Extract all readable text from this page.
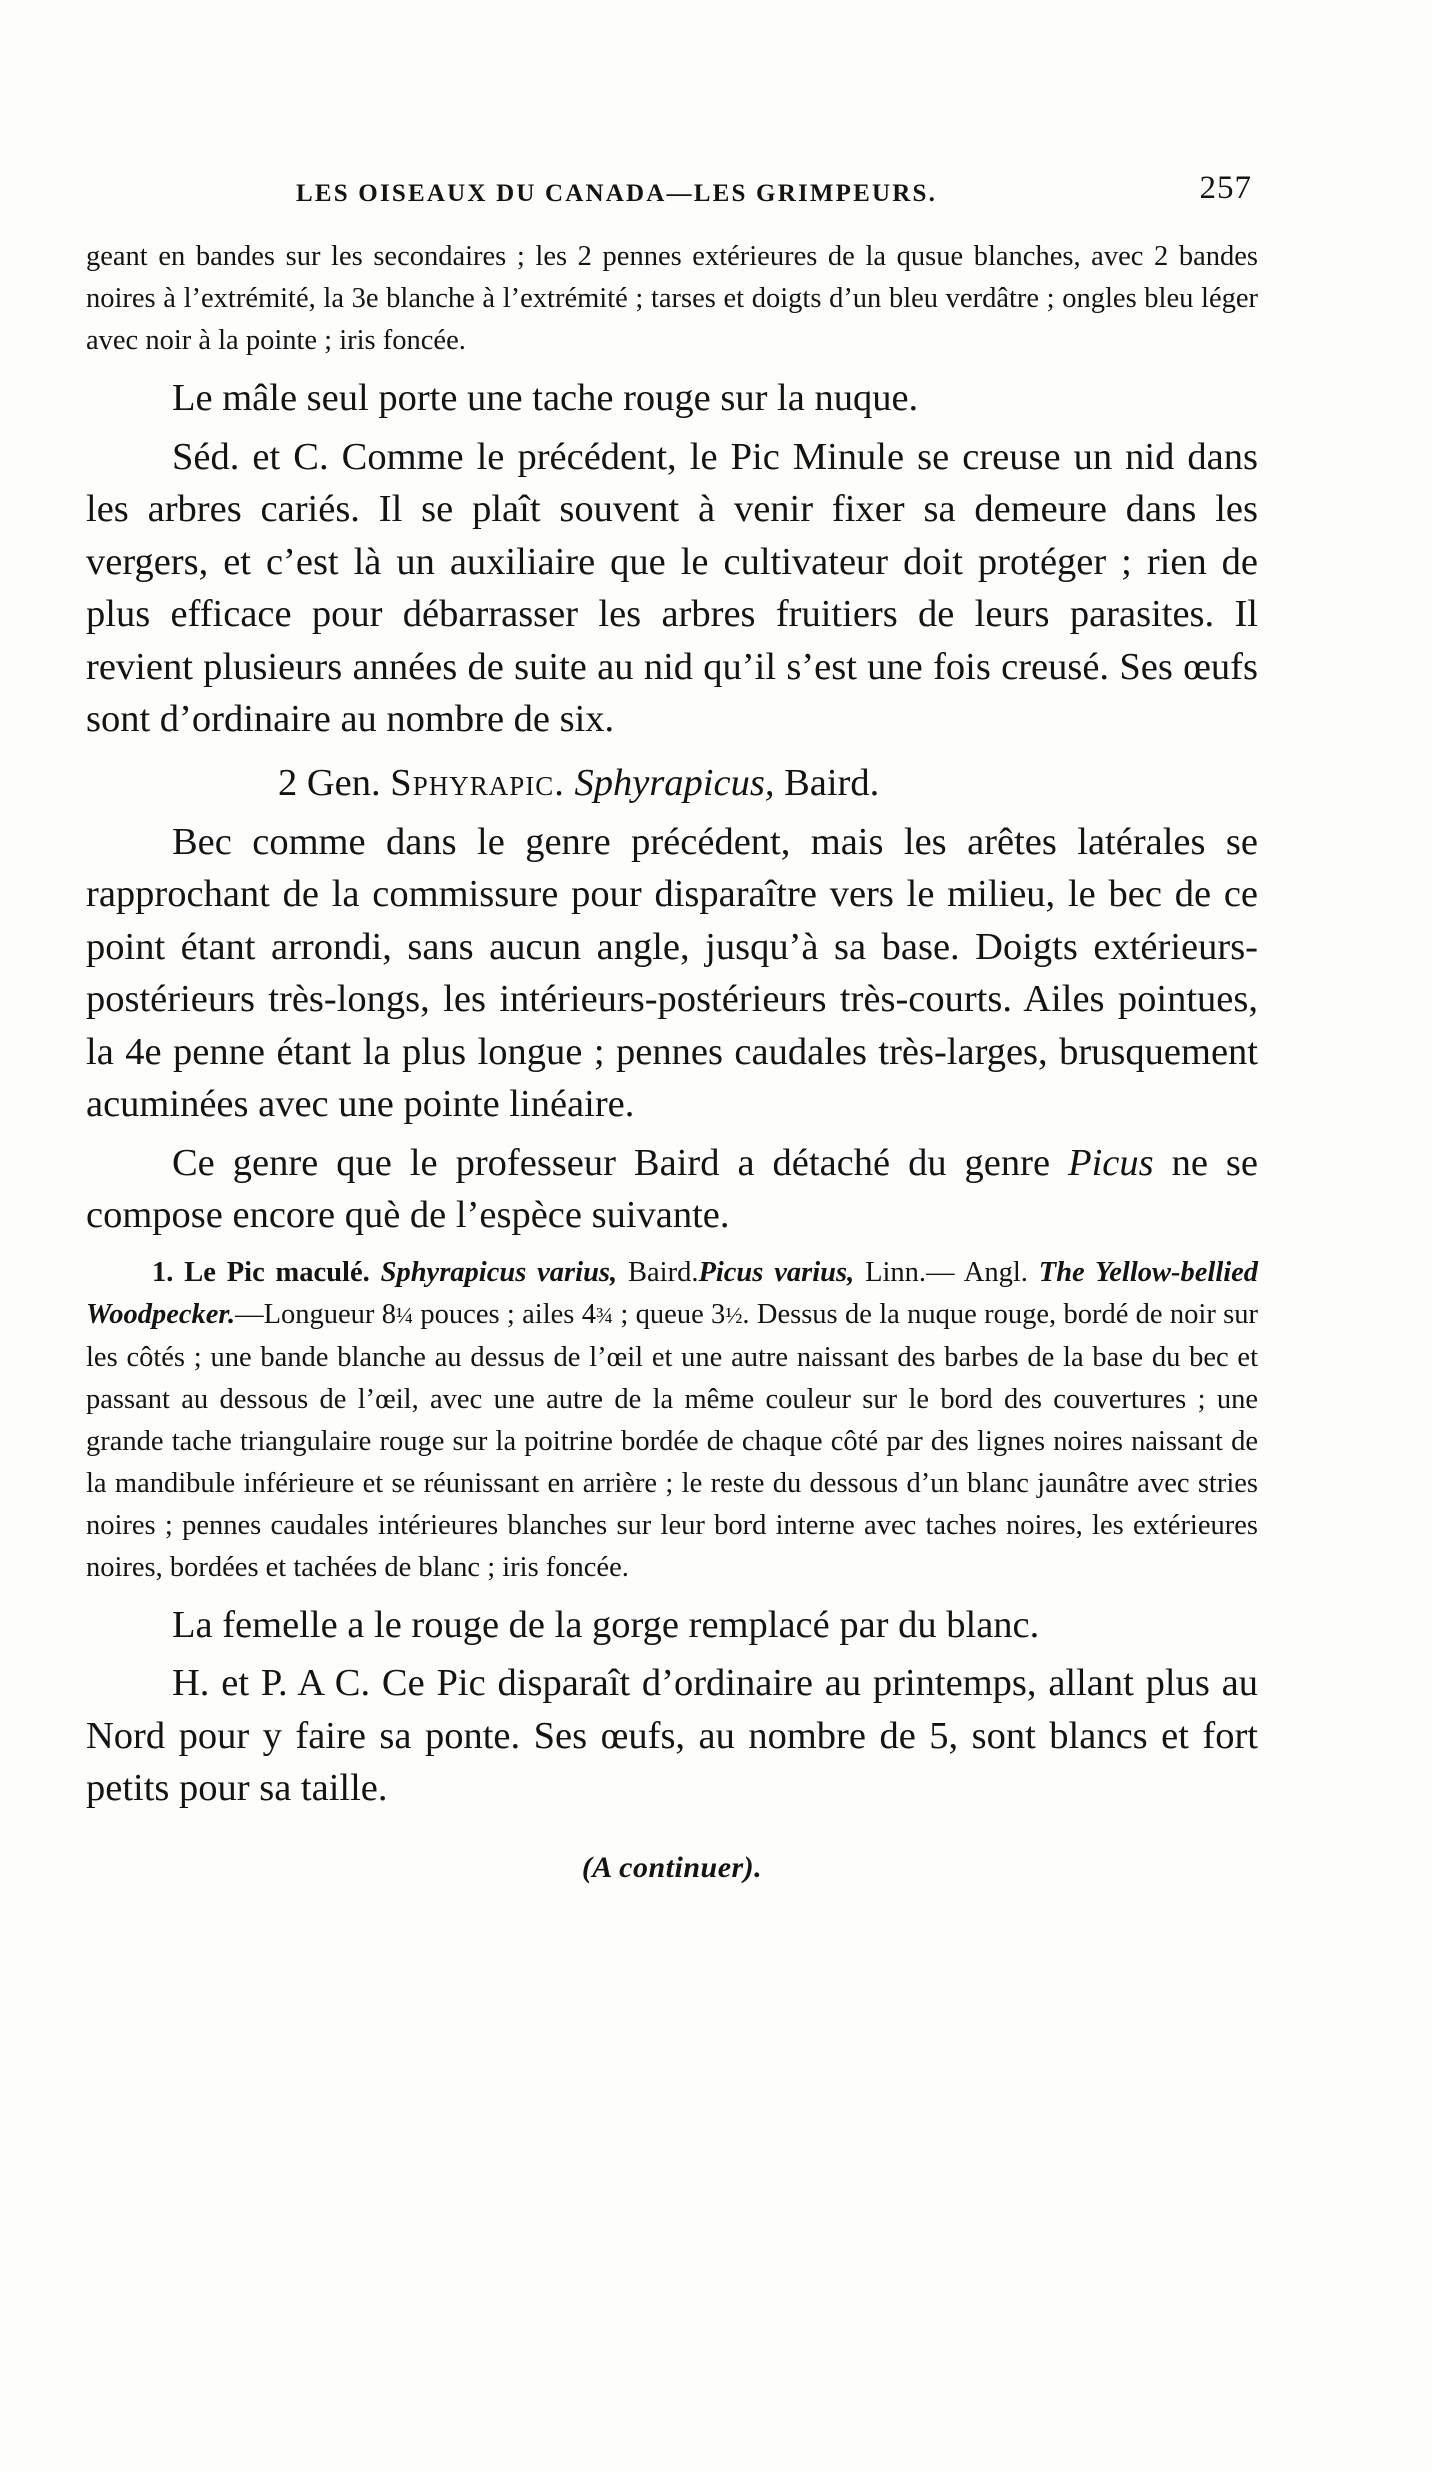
LES OISEAUX DU CANADA—LES GRIMPEURS.	257

geant en bandes sur les secondaires ; les 2 pennes extérieures de la qusue blanches, avec 2 bandes noires à l’extrémité, la 3e blanche à l’extrémité ; tarses et doigts d’un bleu verdâtre ; ongles bleu léger avec noir à la pointe ; iris foncée.

Le mâle seul porte une tache rouge sur la nuque.

Séd. et C. Comme le précédent, le Pic Minule se creuse un nid dans les arbres cariés. Il se plaît souvent à venir fixer sa demeure dans les vergers, et c’est là un auxiliaire que le cultivateur doit protéger ; rien de plus efficace pour débarrasser les arbres fruitiers de leurs parasites. Il revient plusieurs années de suite au nid qu’il s’est une fois creusé. Ses œufs sont d’ordinaire au nombre de six.

2 Gen. Sphyrapic. Sphyrapicus, Baird.

Bec comme dans le genre précédent, mais les arêtes latérales se rapprochant de la commissure pour disparaître vers le milieu, le bec de ce point étant arrondi, sans aucun angle, jusqu’à sa base. Doigts extérieurs-postérieurs très-longs, les intérieurs-postérieurs très-courts. Ailes pointues, la 4e penne étant la plus longue ; pennes caudales très-larges, brusquement acuminées avec une pointe linéaire.

Ce genre que le professeur Baird a détaché du genre Picus ne se compose encore què de l’espèce suivante.

1. Le Pic maculé. Sphyrapicus varius, Baird.Picus varius, Linn.— Angl. The Yellow-bellied Woodpecker.—Longueur 8¼ pouces ; ailes 4¾ ; queue 3½. Dessus de la nuque rouge, bordé de noir sur les côtés ; une bande blanche au dessus de l’œil et une autre naissant des barbes de la base du bec et passant au dessous de l’œil, avec une autre de la même couleur sur le bord des couvertures ; une grande tache triangulaire rouge sur la poitrine bordée de chaque côté par des lignes noires naissant de la mandibule inférieure et se réunissant en arrière ; le reste du dessous d’un blanc jaunâtre avec stries noires ; pennes caudales intérieures blanches sur leur bord interne avec taches noires, les extérieures noires, bordées et tachées de blanc ; iris foncée.

La femelle a le rouge de la gorge remplacé par du blanc.

H. et P. A C. Ce Pic disparaît d’ordinaire au printemps, allant plus au Nord pour y faire sa ponte. Ses œufs, au nombre de 5, sont blancs et fort petits pour sa taille.

(A continuer).
